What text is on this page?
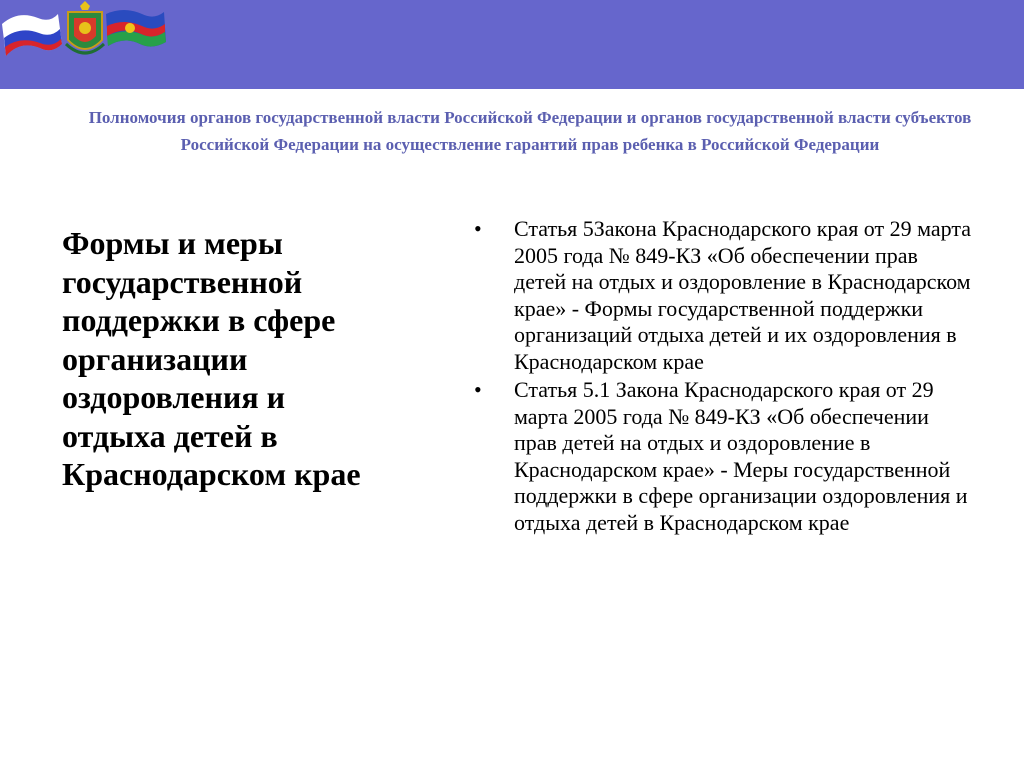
Полномочия органов государственной власти Российской Федерации и органов государственной власти субъектов Российской Федерации на осуществление гарантий прав ребенка в Российской Федерации
Формы и меры государственной поддержки в сфере организации оздоровления и отдыха детей в Краснодарском крае
• Статья 5Закона Краснодарского края от 29 марта 2005 года № 849-КЗ «Об обеспечении прав детей на отдых и оздоровление в Краснодарском крае» - Формы государственной поддержки организаций отдыха детей и их оздоровления в Краснодарском крае
• Статья 5.1 Закона Краснодарского края от 29 марта 2005 года № 849-КЗ «Об обеспечении прав детей на отдых и оздоровление в Краснодарском крае» - Меры государственной поддержки в сфере организации оздоровления и отдыха детей в Краснодарском крае
